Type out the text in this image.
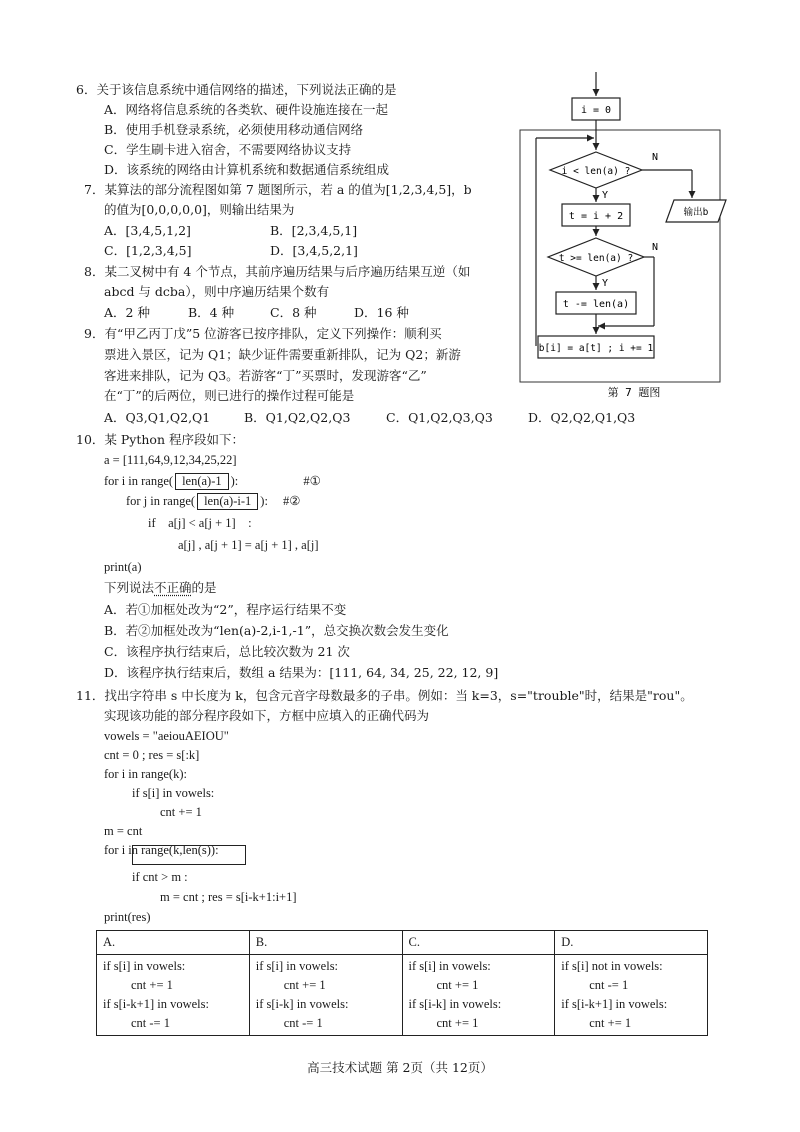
6．关于该信息系统中通信网络的描述，下列说法正确的是
A．网络将信息系统的各类软、硬件设施连接在一起
B．使用手机登录系统，必须使用移动通信网络
C．学生刷卡进入宿舍，不需要网络协议支持
D．该系统的网络由计算机系统和数据通信系统组成
7．某算法的部分流程图如第 7 题图所示，若 a 的值为[1,2,3,4,5]，b
的值为[0,0,0,0,0]，则输出结果为
A．[3,4,5,1,2]	B．[2,3,4,5,1]
C．[1,2,3,4,5]	D．[3,4,5,2,1]
8．某二叉树中有 4 个节点，其前序遍历结果与后序遍历结果互逆（如
abcd 与 dcba），则中序遍历结果个数有
A．2 种	B．4 种	C．8 种	D．16 种
9．有“甲乙丙丁戊”5 位游客已按序排队，定义下列操作：顺利买
票进入景区，记为 Q1；缺少证件需要重新排队，记为 Q2；新游
客进来排队，记为 Q3。若游客“丁”买票时，发现游客“乙”
在“丁”的后两位，则已进行的操作过程可能是
A．Q3,Q1,Q2,Q1	B．Q1,Q2,Q2,Q3	C．Q1,Q2,Q3,Q3	D．Q2,Q2,Q1,Q3
i = 0
i < len(a) ?
N
输出b
Y
t = i + 2
t >= len(a) ?
N
Y
t -= len(a)
b[i] = a[t] ; i += 1
第 7 题图
10．某 Python 程序段如下：
a = [111,64,9,12,34,25,22]
for i in range( len(a)-1 ):	#①
for j in range( len(a)-i-1 ): #②
if    a[j] < a[j + 1]    :
a[j] , a[j + 1] = a[j + 1] , a[j]
print(a)
下列说法不正确的是
A．若①加框处改为“2”，程序运行结果不变
B．若②加框处改为“len(a)-2,i-1,-1”，总交换次数会发生变化
C．该程序执行结束后，总比较次数为 21 次
D．该程序执行结束后，数组 a 结果为：[111, 64, 34, 25, 22, 12, 9]
11．找出字符串 s 中长度为 k，包含元音字母数最多的子串。例如：当 k=3，s="trouble"时，结果是"rou"。
实现该功能的部分程序段如下，方框中应填入的正确代码为
vowels = "aeiouAEIOU"
cnt = 0 ; res = s[:k]
for i in range(k):
if s[i] in vowels:
cnt += 1
m = cnt
for i in range(k,len(s)):
if cnt > m :
m = cnt ; res = s[i-k+1:i+1]
print(res)
A.	B.	C.	D.

if s[i] in vowels:
cnt += 1
if s[i-k+1] in vowels:
cnt -= 1	if s[i] in vowels:
cnt += 1
if s[i-k] in vowels:
cnt -= 1	if s[i] in vowels:
cnt += 1
if s[i-k] in vowels:
cnt += 1	if s[i] not in vowels:
cnt -= 1
if s[i-k+1] in vowels:
cnt += 1
高三技术试题 第 2页（共 12页）
